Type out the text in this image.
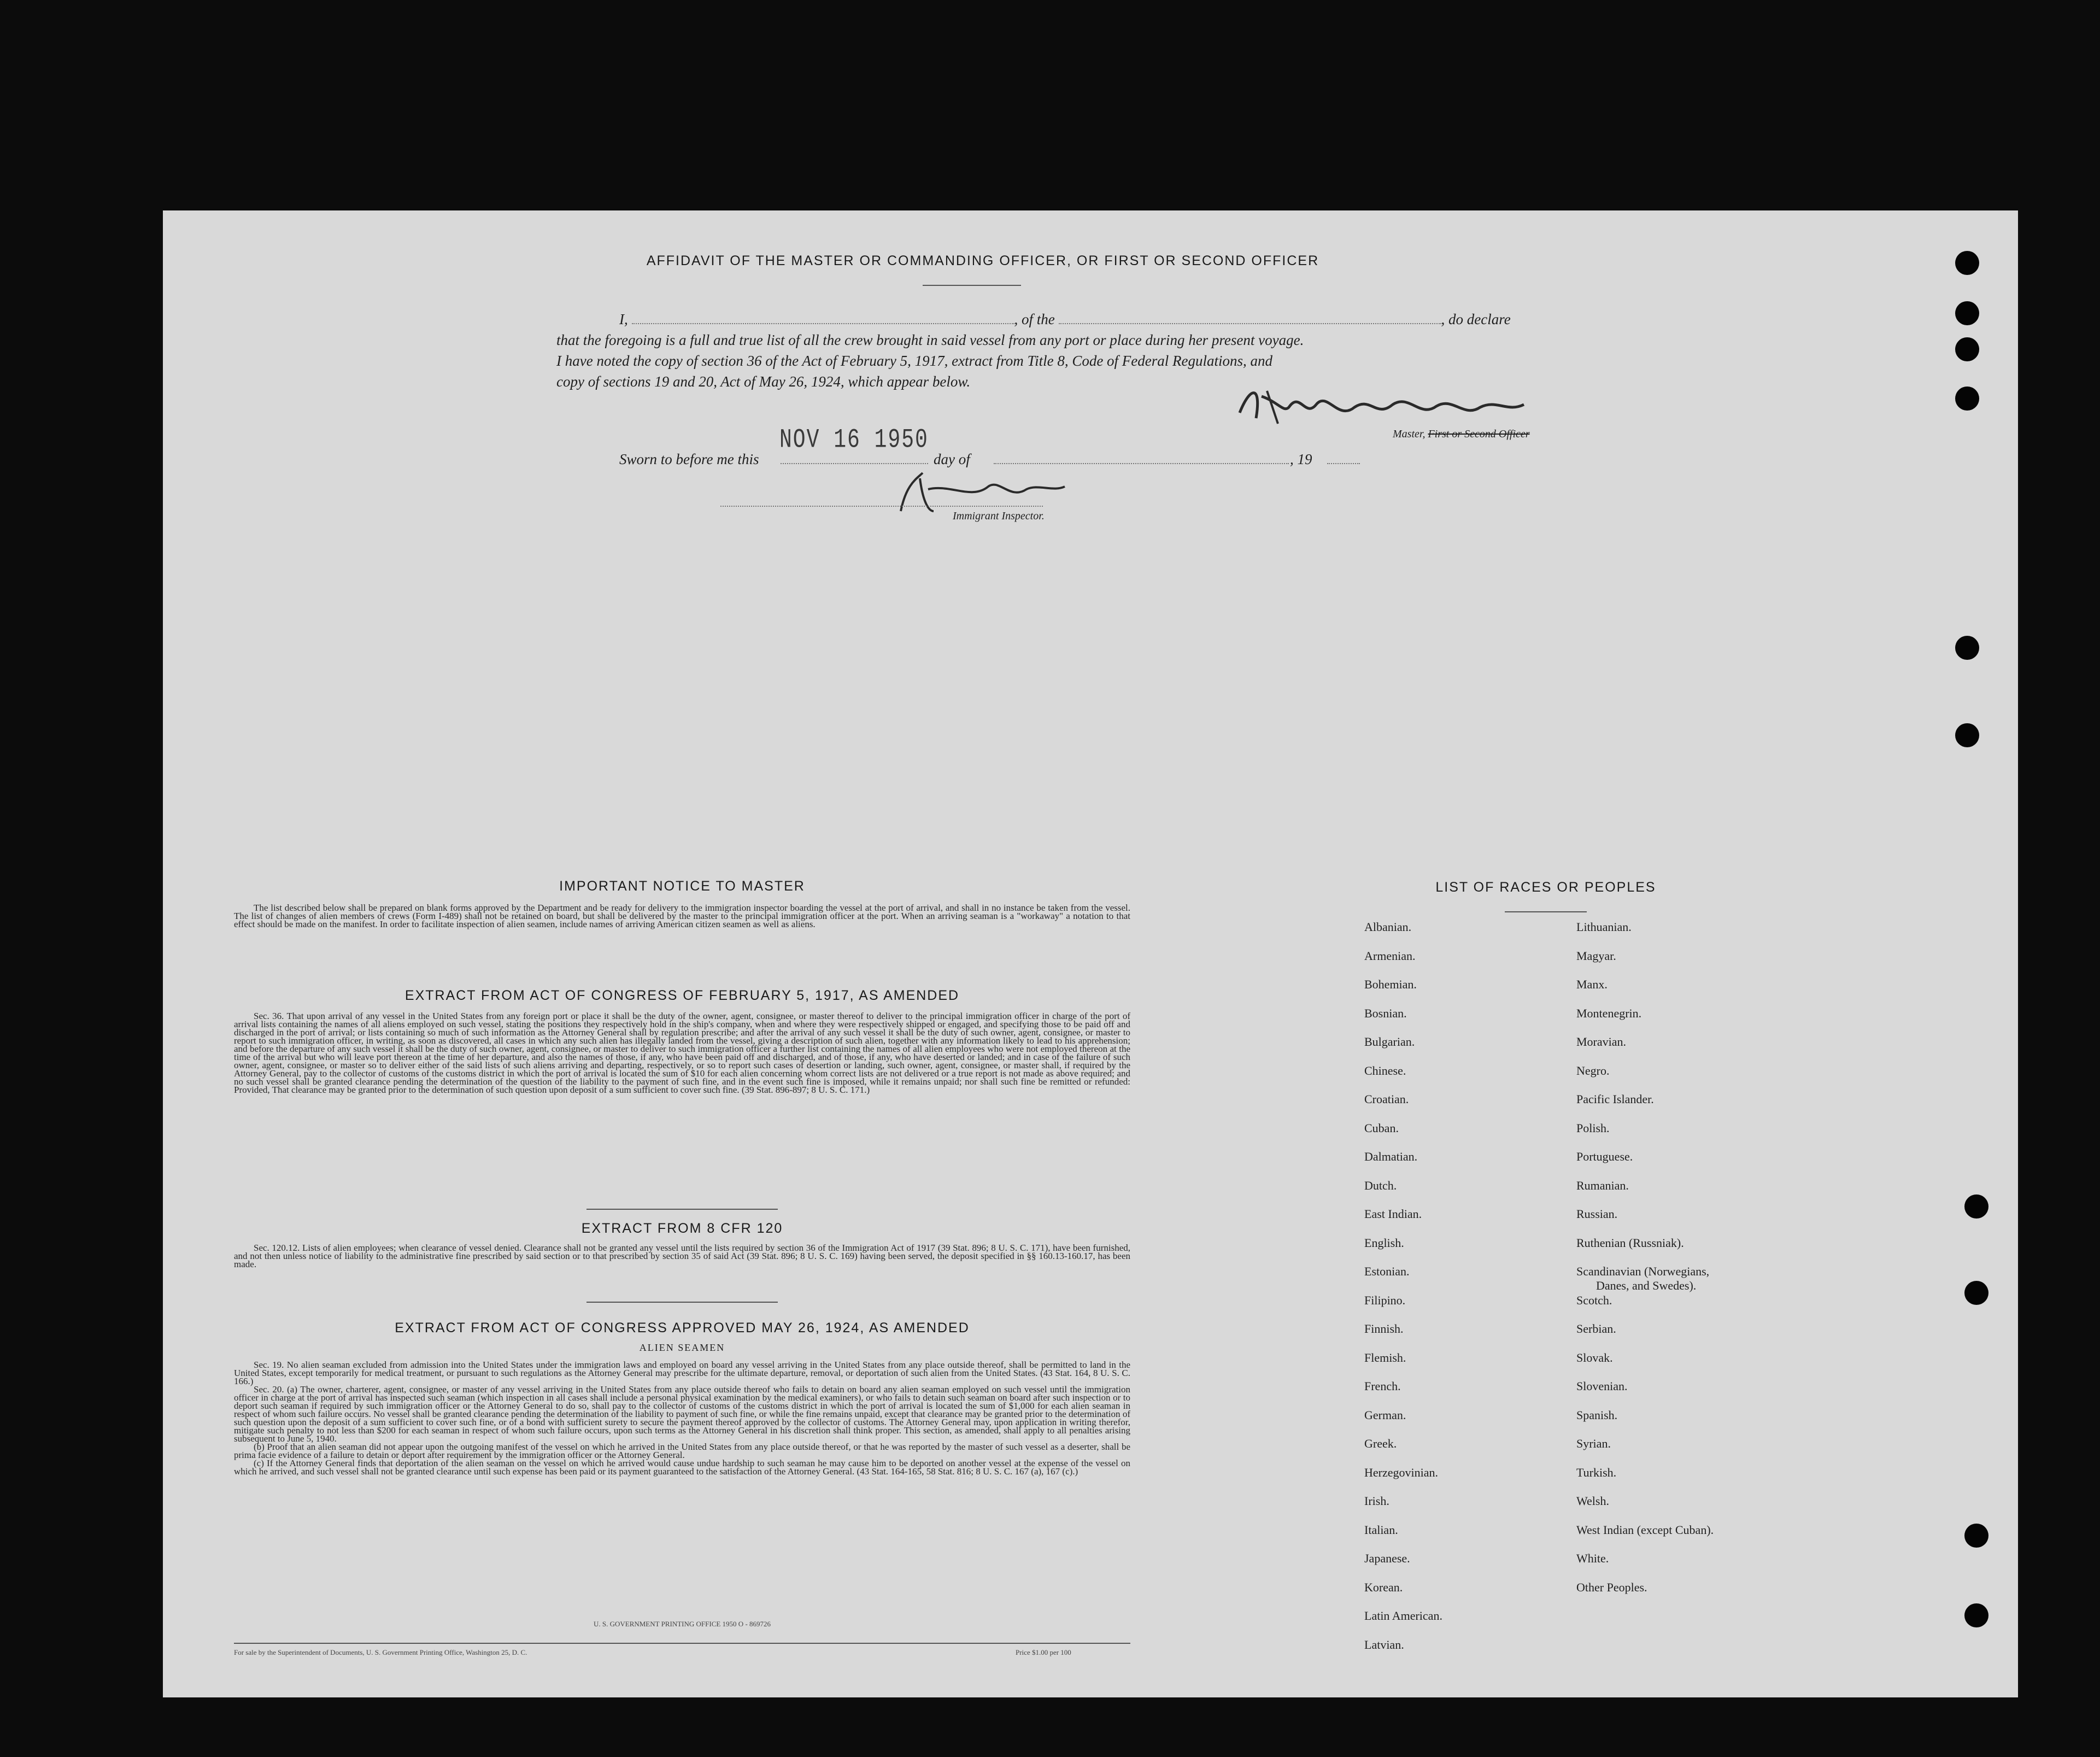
AFFIDAVIT OF THE MASTER OR COMMANDING OFFICER, OR FIRST OR SECOND OFFICER
I,	, of the	, do declare
that the foregoing is a full and true list of all the crew brought in said vessel from any port or place during her present voyage.
I have noted the copy of section 36 of the Act of February 5, 1917, extract from Title 8, Code of Federal Regulations, and
copy of sections 19 and 20, Act of May 26, 1924, which appear below.
Master, First or Second Officer
Sworn to before me this
NOV 16 1950
day of	, 19
Immigrant Inspector.
IMPORTANT NOTICE TO MASTER

The list described below shall be prepared on blank forms approved by the Department and be ready for delivery to the immigration inspector boarding the vessel at the port of arrival, and shall in no instance be taken from the vessel. The list of changes of alien members of crews (Form I-489) shall not be retained on board, but shall be delivered by the master to the principal immigration officer at the port. When an arriving seaman is a "workaway" a notation to that effect should be made on the manifest. In order to facilitate inspection of alien seamen, include names of arriving American citizen seamen as well as aliens.

EXTRACT FROM ACT OF CONGRESS OF FEBRUARY 5, 1917, AS AMENDED

Sec. 36. That upon arrival of any vessel in the United States from any foreign port or place it shall be the duty of the owner, agent, consignee, or master thereof to deliver to the principal immigration officer in charge of the port of arrival lists containing the names of all aliens employed on such vessel, stating the positions they respectively hold in the ship's company, when and where they were respectively shipped or engaged, and specifying those to be paid off and discharged in the port of arrival; or lists containing so much of such information as the Attorney General shall by regulation prescribe; and after the arrival of any such vessel it shall be the duty of such owner, agent, consignee, or master to report to such immigration officer, in writing, as soon as discovered, all cases in which any such alien has illegally landed from the vessel, giving a description of such alien, together with any information likely to lead to his apprehension; and before the departure of any such vessel it shall be the duty of such owner, agent, consignee, or master to deliver to such immigration officer a further list containing the names of all alien employees who were not employed thereon at the time of the arrival but who will leave port thereon at the time of her departure, and also the names of those, if any, who have been paid off and discharged, and of those, if any, who have deserted or landed; and in case of the failure of such owner, agent, consignee, or master so to deliver either of the said lists of such aliens arriving and departing, respectively, or so to report such cases of desertion or landing, such owner, agent, consignee, or master shall, if required by the Attorney General, pay to the collector of customs of the customs district in which the port of arrival is located the sum of $10 for each alien concerning whom correct lists are not delivered or a true report is not made as above required; and no such vessel shall be granted clearance pending the determination of the question of the liability to the payment of such fine, and in the event such fine is imposed, while it remains unpaid; nor shall such fine be remitted or refunded: Provided, That clearance may be granted prior to the determination of such question upon deposit of a sum sufficient to cover such fine. (39 Stat. 896-897; 8 U. S. C. 171.)

EXTRACT FROM 8 CFR 120

Sec. 120.12. Lists of alien employees; when clearance of vessel denied. Clearance shall not be granted any vessel until the lists required by section 36 of the Immigration Act of 1917 (39 Stat. 896; 8 U. S. C. 171), have been furnished, and not then unless notice of liability to the administrative fine prescribed by said section or to that prescribed by section 35 of said Act (39 Stat. 896; 8 U. S. C. 169) having been served, the deposit specified in §§ 160.13-160.17, has been made.

EXTRACT FROM ACT OF CONGRESS APPROVED MAY 26, 1924, AS AMENDED
ALIEN SEAMEN

Sec. 19. No alien seaman excluded from admission into the United States under the immigration laws and employed on board any vessel arriving in the United States from any place outside thereof, shall be permitted to land in the United States, except temporarily for medical treatment, or pursuant to such regulations as the Attorney General may prescribe for the ultimate departure, removal, or deportation of such alien from the United States. (43 Stat. 164, 8 U. S. C. 166.)

Sec. 20. (a) The owner, charterer, agent, consignee, or master of any vessel arriving in the United States from any place outside thereof who fails to detain on board any alien seaman employed on such vessel until the immigration officer in charge at the port of arrival has inspected such seaman (which inspection in all cases shall include a personal physical examination by the medical examiners), or who fails to detain such seaman on board after such inspection or to deport such seaman if required by such immigration officer or the Attorney General to do so, shall pay to the collector of customs of the customs district in which the port of arrival is located the sum of $1,000 for each alien seaman in respect of whom such failure occurs. No vessel shall be granted clearance pending the determination of the liability to payment of such fine, or while the fine remains unpaid, except that clearance may be granted prior to the determination of such question upon the deposit of a sum sufficient to cover such fine, or of a bond with sufficient surety to secure the payment thereof approved by the collector of customs. The Attorney General may, upon application in writing therefor, mitigate such penalty to not less than $200 for each seaman in respect of whom such failure occurs, upon such terms as the Attorney General in his discretion shall think proper. This section, as amended, shall apply to all penalties arising subsequent to June 5, 1940.

(b) Proof that an alien seaman did not appear upon the outgoing manifest of the vessel on which he arrived in the United States from any place outside thereof, or that he was reported by the master of such vessel as a deserter, shall be prima facie evidence of a failure to detain or deport after requirement by the immigration officer or the Attorney General.

(c) If the Attorney General finds that deportation of the alien seaman on the vessel on which he arrived would cause undue hardship to such seaman he may cause him to be deported on another vessel at the expense of the vessel on which he arrived, and such vessel shall not be granted clearance until such expense has been paid or its payment guaranteed to the satisfaction of the Attorney General. (43 Stat. 164-165, 58 Stat. 816; 8 U. S. C. 167 (a), 167 (c).)

U. S. GOVERNMENT PRINTING OFFICE 1950 O - 869726
For sale by the Superintendent of Documents, U. S. Government Printing Office, Washington 25, D. C.	Price $1.00 per 100
LIST OF RACES OR PEOPLES
Albanian.
Armenian.
Bohemian.
Bosnian.
Bulgarian.
Chinese.
Croatian.
Cuban.
Dalmatian.
Dutch.
East Indian.
English.
Estonian.
Filipino.
Finnish.
Flemish.
French.
German.
Greek.
Herzegovinian.
Irish.
Italian.
Japanese.
Korean.
Latin American.
Latvian.
Lithuanian.
Magyar.
Manx.
Montenegrin.
Moravian.
Negro.
Pacific Islander.
Polish.
Portuguese.
Rumanian.
Russian.
Ruthenian (Russniak).
Scandinavian (Norwegians,
Danes, and Swedes).
Scotch.
Serbian.
Slovak.
Slovenian.
Spanish.
Syrian.
Turkish.
Welsh.
West Indian (except Cuban).
White.
Other Peoples.
